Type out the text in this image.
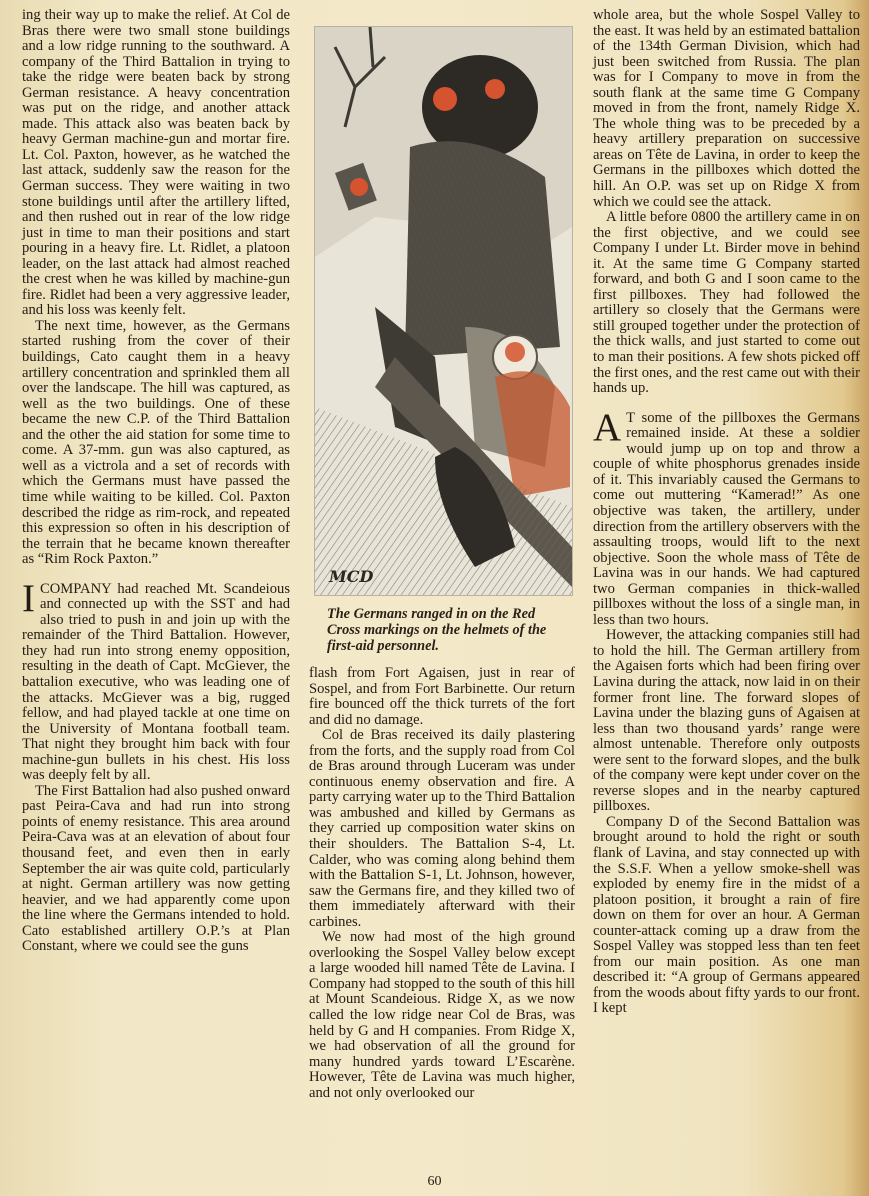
ing their way up to make the relief. At Col de Bras there were two small stone buildings and a low ridge running to the southward. A company of the Third Battalion in trying to take the ridge were beaten back by strong German resistance. A heavy concentration was put on the ridge, and another attack made. This attack also was beaten back by heavy German machine-gun and mortar fire. Lt. Col. Paxton, however, as he watched the last attack, suddenly saw the reason for the German success. They were waiting in two stone buildings until after the artillery lifted, and then rushed out in rear of the low ridge just in time to man their positions and start pouring in a heavy fire. Lt. Ridlet, a platoon leader, on the last attack had almost reached the crest when he was killed by machine-gun fire. Ridlet had been a very aggressive leader, and his loss was keenly felt.

The next time, however, as the Germans started rushing from the cover of their buildings, Cato caught them in a heavy artillery concentration and sprinkled them all over the landscape. The hill was captured, as well as the two buildings. One of these became the new C.P. of the Third Battalion and the other the aid station for some time to come. A 37-mm. gun was also captured, as well as a victrola and a set of records with which the Germans must have passed the time while waiting to be killed. Col. Paxton described the ridge as rim-rock, and repeated this expression so often in his description of the terrain that he became known thereafter as “Rim Rock Paxton.”

ICOMPANY had reached Mt. Scandeious and connected up with the SST and had also tried to push in and join up with the remainder of the Third Battalion. However, they had run into strong enemy opposition, resulting in the death of Capt. McGiever, the battalion executive, who was leading one of the attacks. McGiever was a big, rugged fellow, and had played tackle at one time on the University of Montana football team. That night they brought him back with four machine-gun bullets in his chest. His loss was deeply felt by all.

The First Battalion had also pushed onward past Peira-Cava and had run into strong points of enemy resistance. This area around Peira-Cava was at an elevation of about four thousand feet, and even then in early September the air was quite cold, particularly at night. German artillery was now getting heavier, and we had apparently come upon the line where the Germans intended to hold. Cato established artillery O.P.’s at Plan Constant, where we could see the guns

MCD
The Germans ranged in on the Red Cross markings on the helmets of the first-aid personnel.

flash from Fort Agaisen, just in rear of Sospel, and from Fort Barbinette. Our return fire bounced off the thick turrets of the fort and did no damage.

Col de Bras received its daily plastering from the forts, and the supply road from Col de Bras around through Luceram was under continuous enemy observation and fire. A party carrying water up to the Third Battalion was ambushed and killed by Germans as they carried up composition water skins on their shoulders. The Battalion S-4, Lt. Calder, who was coming along behind them with the Battalion S-1, Lt. Johnson, however, saw the Germans fire, and they killed two of them immediately afterward with their carbines.

We now had most of the high ground overlooking the Sospel Valley below except a large wooded hill named Tête de Lavina. I Company had stopped to the south of this hill at Mount Scandeious. Ridge X, as we now called the low ridge near Col de Bras, was held by G and H companies. From Ridge X, we had observation of all the ground for many hundred yards toward L’Escarène. However, Tête de Lavina was much higher, and not only overlooked our

whole area, but the whole Sospel Valley to the east. It was held by an estimated battalion of the 134th German Division, which had just been switched from Russia. The plan was for I Company to move in from the south flank at the same time G Company moved in from the front, namely Ridge X. The whole thing was to be preceded by a heavy artillery preparation on successive areas on Tête de Lavina, in order to keep the Germans in the pillboxes which dotted the hill. An O.P. was set up on Ridge X from which we could see the attack.

A little before 0800 the artillery came in on the first objective, and we could see Company I under Lt. Birder move in behind it. At the same time G Company started forward, and both G and I soon came to the first pillboxes. They had followed the artillery so closely that the Germans were still grouped together under the protection of the thick walls, and just started to come out to man their positions. A few shots picked off the first ones, and the rest came out with their hands up.

A T some of the pillboxes the Germans remained inside. At these a soldier would jump up on top and throw a couple of white phosphorus grenades inside of it. This invariably caused the Germans to come out muttering “Kamerad!” As one objective was taken, the artillery, under direction from the artillery observers with the assaulting troops, would lift to the next objective. Soon the whole mass of Tête de Lavina was in our hands. We had captured two German companies in thick-walled pillboxes without the loss of a single man, in less than two hours.

However, the attacking companies still had to hold the hill. The German artillery from the Agaisen forts which had been firing over Lavina during the attack, now laid in on their former front line. The forward slopes of Lavina under the blazing guns of Agaisen at less than two thousand yards’ range were almost untenable. Therefore only outposts were sent to the forward slopes, and the bulk of the company were kept under cover on the reverse slopes and in the nearby captured pillboxes.

Company D of the Second Battalion was brought around to hold the right or south flank of Lavina, and stay connected up with the S.S.F. When a yellow smoke-shell was exploded by enemy fire in the midst of a platoon position, it brought a rain of fire down on them for over an hour. A German counter-attack coming up a draw from the Sospel Valley was stopped less than ten feet from our main position. As one man described it: “A group of Germans appeared from the woods about fifty yards to our front. I kept

60
